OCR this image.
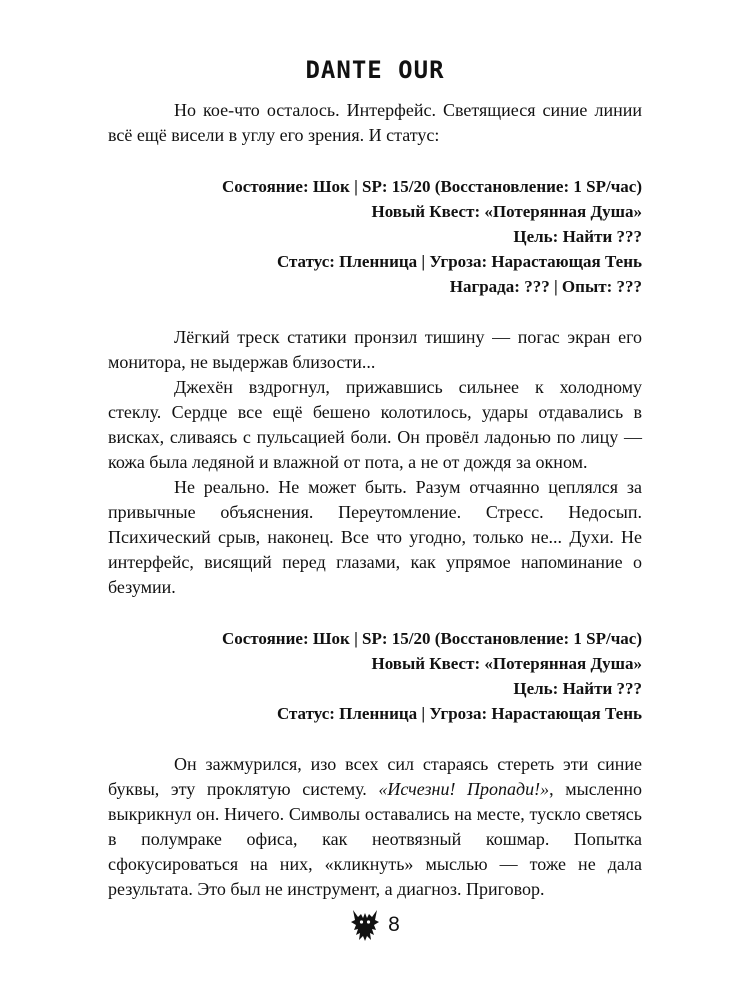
DANTE OUR

Но кое-что осталось. Интерфейс. Светящиеся синие линии всё ещё висели в углу его зрения. И статус:

Состояние: Шок | SP: 15/20 (Восстановление: 1 SP/час)
Новый Квест: «Потерянная Душа»
Цель: Найти ???
Статус: Пленница | Угроза: Нарастающая Тень
Награда: ??? | Опыт: ???

Лёгкий треск статики пронзил тишину — погас экран его монитора, не выдержав близости...

Джехён вздрогнул, прижавшись сильнее к холодному стеклу. Сердце все ещё бешено колотилось, удары отдавались в висках, сливаясь с пульсацией боли. Он провёл ладонью по лицу — кожа была ледяной и влажной от пота, а не от дождя за окном.

Не реально. Не может быть. Разум отчаянно цеплялся за привычные объяснения. Переутомление. Стресс. Недосып. Психический срыв, наконец. Все что угодно, только не... Духи. Не интерфейс, висящий перед глазами, как упрямое напоминание о безумии.

Состояние: Шок | SP: 15/20 (Восстановление: 1 SP/час)
Новый Квест: «Потерянная Душа»
Цель: Найти ???
Статус: Пленница | Угроза: Нарастающая Тень

Он зажмурился, изо всех сил стараясь стереть эти синие буквы, эту проклятую систему. «Исчезни! Пропади!», мысленно выкрикнул он. Ничего. Символы оставались на месте, тускло светясь в полумраке офиса, как неотвязный кошмар. Попытка сфокусироваться на них, «кликнуть» мыслью — тоже не дала результата. Это был не инструмент, а диагноз. Приговор.

8
